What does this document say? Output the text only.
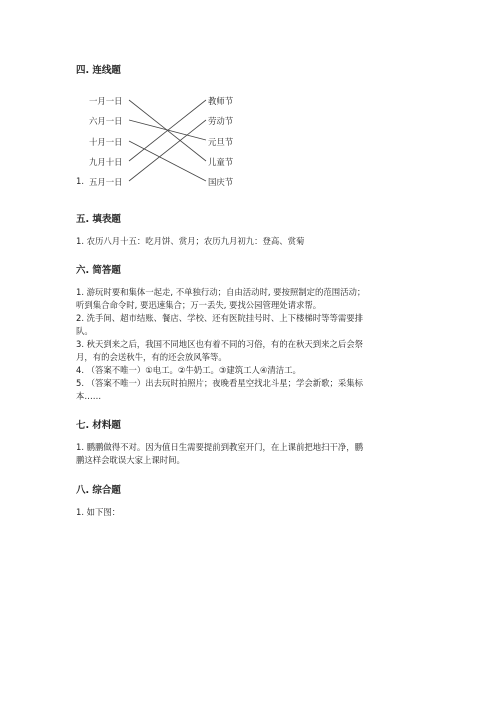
四. 连线题
一月一日
六月一日
十月一日
九月十日
五月一日
1.
教师节
劳动节
元旦节
儿童节
国庆节
五. 填表题
1. 农历八月十五：吃月饼、赏月；农历九月初九：登高、赏菊
六. 简答题
1. 游玩时要和集体一起走, 不单独行动；自由活动时, 要按照制定的范围活动；
听到集合命令时, 要迅速集合；万一丢失, 要找公园管理处请求帮。
2. 洗手间、超市结账、餐店、学校、还有医院挂号时、上下楼梯时等等需要排
队。
3. 秋天到来之后，我国不同地区也有着不同的习俗，有的在秋天到来之后会祭
月，有的会送秋牛，有的还会放风筝等。
4. （答案不唯一）①电工。②牛奶工。③建筑工人④清洁工。
5. （答案不唯一）出去玩时拍照片；夜晚看星空找北斗星；学会新歌；采集标
本……
七. 材料题
1. 鹏鹏做得不对。因为值日生需要提前到教室开门，在上课前把地扫干净，鹏
鹏这样会耽误大家上课时间。
八. 综合题
1. 如下图：
